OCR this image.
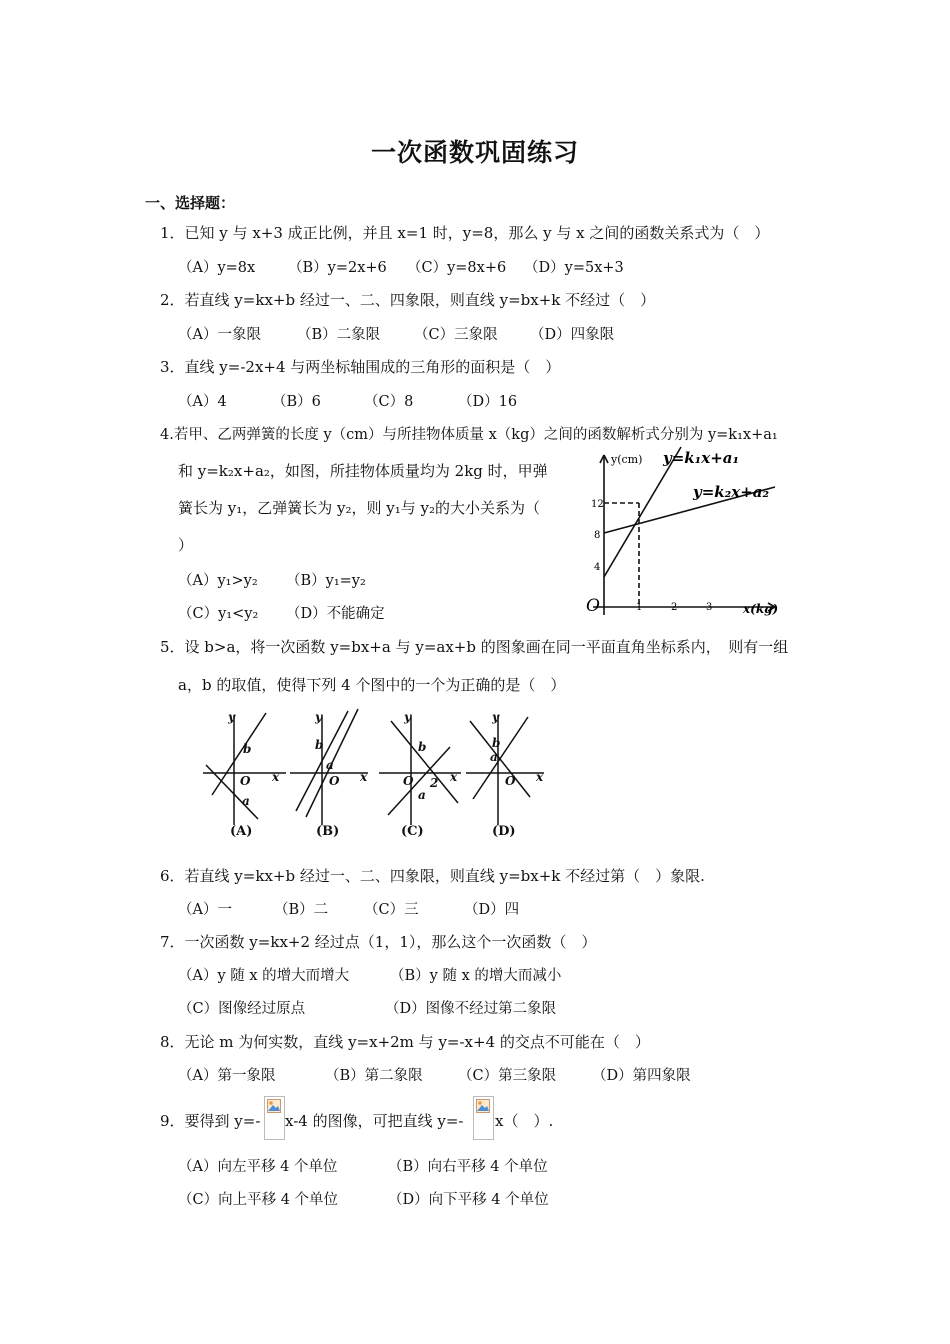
一次函数巩固练习
一、选择题：
1．已知 y 与 x+3 成正比例，并且 x=1 时，y=8，那么 y 与 x 之间的函数关系式为（　）
（A）y=8x （B）y=2x+6 （C）y=8x+6 （D）y=5x+3
2．若直线 y=kx+b 经过一、二、四象限，则直线 y=bx+k 不经过（　）
（A）一象限 （B）二象限 （C）三象限 （D）四象限
3．直线 y=-2x+4 与两坐标轴围成的三角形的面积是（　）
（A）4	（B）6	（C）8	（D）16
4.若甲、乙两弹簧的长度 y（cm）与所挂物体质量 x（kg）之间的函数解析式分别为 y=k₁x+a₁
和 y=k₂x+a₂，如图，所挂物体质量均为 2kg 时，甲弹
簧长为 y₁，乙弹簧长为 y₂，则 y₁与 y₂的大小关系为（
）
（A）y₁>y₂ （B）y₁=y₂
（C）y₁<y₂ （D）不能确定
y(cm)
12
8
4
O	1	2	3	x(kg)
y=k₁x+a₁
y=k₂x+a₂
5．设 b>a，将一次函数 y=bx+a 与 y=ax+b 的图象画在同一平面直角坐标系内，　则有一组
a，b 的取值，使得下列 4 个图中的一个为正确的是（　）
y
x
O
b
a
y
x
O
b
a
y
x
O
b
2
a
y
x
O
b
a
(A)	(B)	(C)	(D)
6．若直线 y=kx+b 经过一、二、四象限，则直线 y=bx+k 不经过第（　）象限.
（A）一	（B）二 （C）三	（D）四
7．一次函数 y=kx+2 经过点（1，1），那么这个一次函数（　）
（A）y 随 x 的增大而增大	（B）y 随 x 的增大而减小
（C）图像经过原点	（D）图像不经过第二象限
8．无论 m 为何实数，直线 y=x+2m 与 y=-x+4 的交点不可能在（　）
（A）第一象限	（B）第二象限 （C）第三象限 （D）第四象限
9．要得到 y=- x-4 的图像，可把直线 y=- x（　）.
（A）向左平移 4 个单位	（B）向右平移 4 个单位
（C）向上平移 4 个单位	（D）向下平移 4 个单位
